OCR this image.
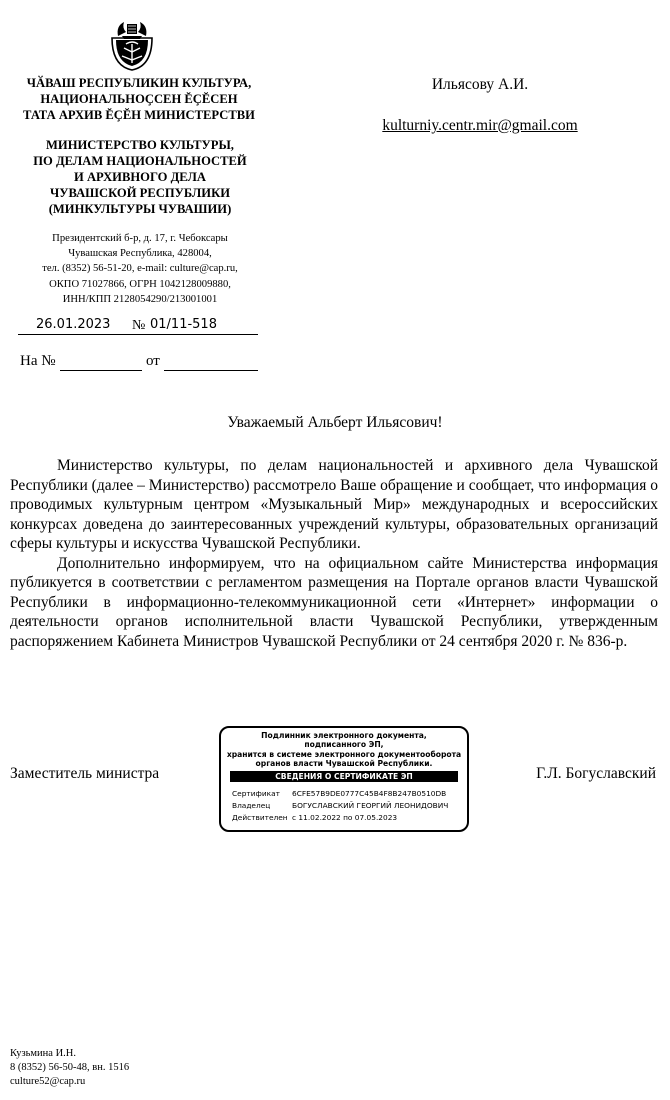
ЧӐВАШ РЕСПУБЛИКИН КУЛЬТУРА,
НАЦИОНАЛЬНОҪСЕН ĔҪĔСЕН
ТАТА АРХИВ ĔҪĔН МИНИСТЕРСТВИ
МИНИСТЕРСТВО КУЛЬТУРЫ,
ПО ДЕЛАМ НАЦИОНАЛЬНОСТЕЙ
И АРХИВНОГО ДЕЛА
ЧУВАШСКОЙ РЕСПУБЛИКИ
(МИНКУЛЬТУРЫ ЧУВАШИИ)
Президентский б-р, д. 17, г. Чебоксары
Чувашская Республика, 428004,
тел. (8352) 56-51-20, e-mail: culture@cap.ru,
ОКПО 71027866, ОГРН 1042128009880,
ИНН/КПП 2128054290/213001001
26.01.2023 № 01/11-518
На №	от
Ильясову А.И.
kulturniy.centr.mir@gmail.com
Уважаемый Альберт Ильясович!

Министерство культуры, по делам национальностей и архивного дела Чувашской Республики (далее – Министерство) рассмотрело Ваше обращение и сообщает, что информация о проводимых культурным центром «Музыкальный Мир» международных и всероссийских конкурсах доведена до заинтересованных учреждений культуры, образовательных организаций сферы культуры и искусства Чувашской Республики.

Дополнительно информируем, что на официальном сайте Министерства информация публикуется в соответствии с регламентом размещения на Портале органов власти Чувашской Республики в информационно-телекоммуникационной сети «Интернет» информации о деятельности органов исполнительной власти Чувашской Республики, утвержденным распоряжением Кабинета Министров Чувашской Республики от 24 сентября 2020 г. № 836-р.

Заместитель министра	Г.Л. Богуславский
Подлинник электронного документа,
подписанного ЭП,
хранится в системе электронного документооборота
органов власти Чувашской Республики.
СВЕДЕНИЯ О СЕРТИФИКАТЕ ЭП
Сертификат 6CFE57B9DE0777C45B4F8B247B0510DB
Владелец	БОГУСЛАВСКИЙ ГЕОРГИЙ ЛЕОНИДОВИЧ
Действителен с 11.02.2022 по 07.05.2023
Кузьмина И.Н.
8 (8352) 56-50-48, вн. 1516
culture52@cap.ru
